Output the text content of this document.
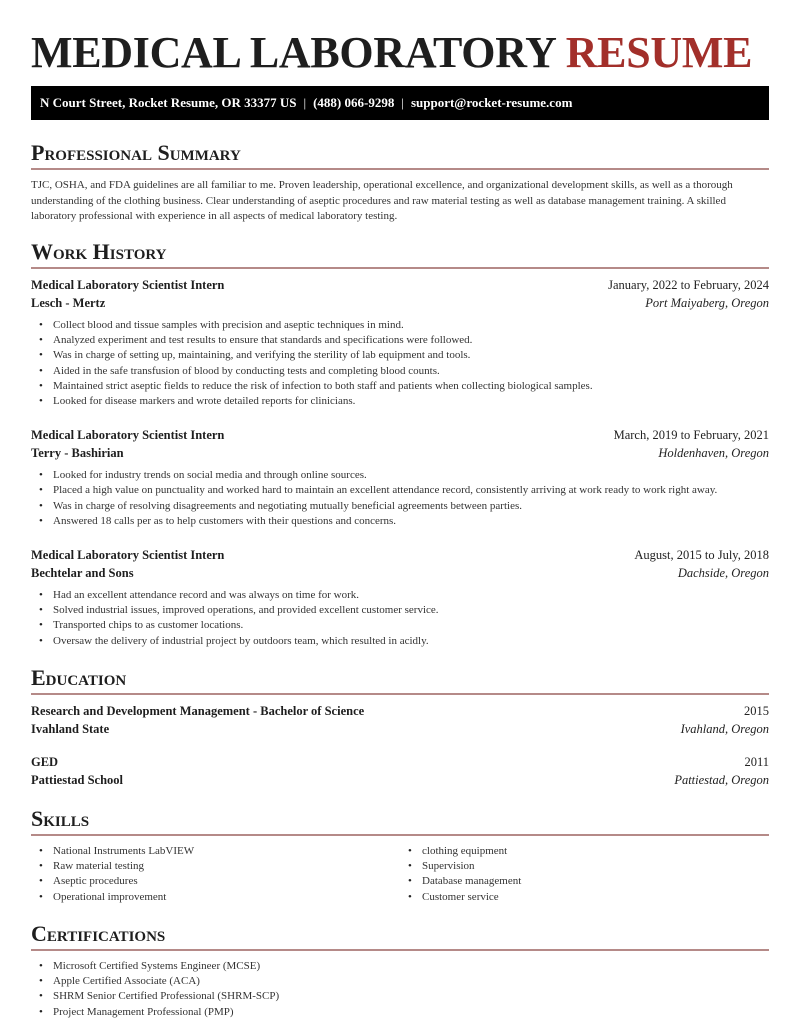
MEDICAL LABORATORY RESUME
N Court Street, Rocket Resume, OR 33377 US | (488) 066-9298 | support@rocket-resume.com
Professional Summary

TJC, OSHA, and FDA guidelines are all familiar to me. Proven leadership, operational excellence, and organizational development skills, as well as a thorough understanding of the clothing business. Clear understanding of aseptic procedures and raw material testing as well as database management training. A skilled laboratory professional with experience in all aspects of medical laboratory testing.

Work History
Medical Laboratory Scientist Intern	January, 2022 to February, 2024
Lesch - Mertz	Port Maiyaberg, Oregon
• Collect blood and tissue samples with precision and aseptic techniques in mind.
• Analyzed experiment and test results to ensure that standards and specifications were followed.
• Was in charge of setting up, maintaining, and verifying the sterility of lab equipment and tools.
• Aided in the safe transfusion of blood by conducting tests and completing blood counts.
• Maintained strict aseptic fields to reduce the risk of infection to both staff and patients when collecting biological samples.
• Looked for disease markers and wrote detailed reports for clinicians.
Medical Laboratory Scientist Intern	March, 2019 to February, 2021
Terry - Bashirian	Holdenhaven, Oregon
• Looked for industry trends on social media and through online sources.
• Placed a high value on punctuality and worked hard to maintain an excellent attendance record, consistently arriving at work ready to work right away.
• Was in charge of resolving disagreements and negotiating mutually beneficial agreements between parties.
• Answered 18 calls per as to help customers with their questions and concerns.
Medical Laboratory Scientist Intern	August, 2015 to July, 2018
Bechtelar and Sons	Dachside, Oregon
• Had an excellent attendance record and was always on time for work.
• Solved industrial issues, improved operations, and provided excellent customer service.
• Transported chips to as customer locations.
• Oversaw the delivery of industrial project by outdoors team, which resulted in acidly.
Education
Research and Development Management - Bachelor of Science	2015
Ivahland State	Ivahland, Oregon
GED	2011
Pattiestad School	Pattiestad, Oregon
Skills
• National Instruments LabVIEW
• Raw material testing
• Aseptic procedures
• Operational improvement
• clothing equipment
• Supervision
• Database management
• Customer service
Certifications
• Microsoft Certified Systems Engineer (MCSE)
• Apple Certified Associate (ACA)
• SHRM Senior Certified Professional (SHRM-SCP)
• Project Management Professional (PMP)
